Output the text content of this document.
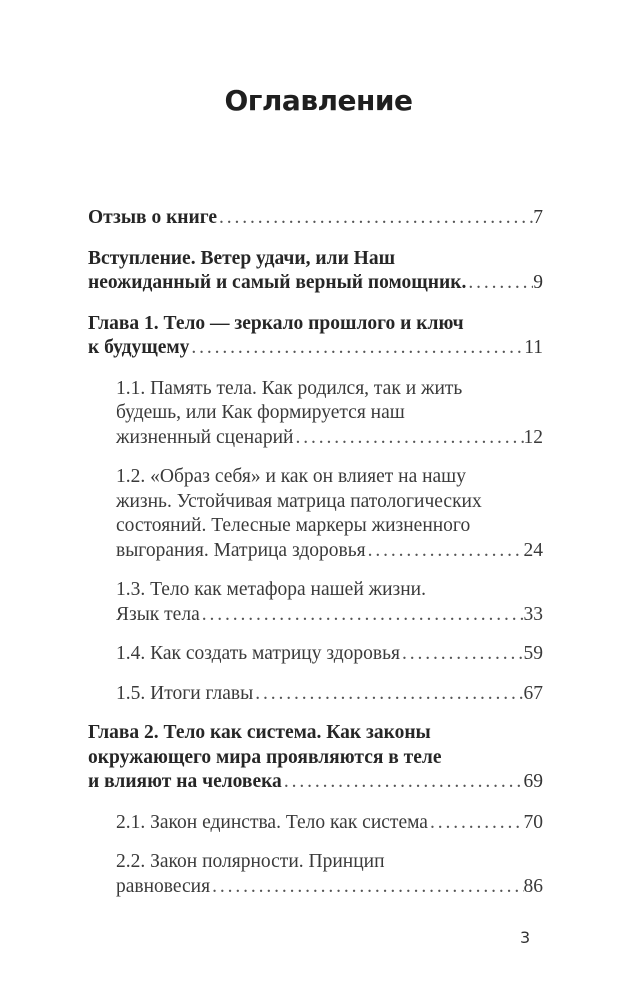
Оглавление
Отзыв о книге . . .	7
Вступление. Ветер удачи, или Наш
неожиданный и самый верный помощник. . . .	9
Глава 1. Тело — зеркало прошлого и ключ
к будущему . . .	11
1.1. Память тела. Как родился, так и жить
будешь, или Как формируется наш
жизненный сценарий . . .	12
1.2. «Образ себя» и как он влияет на нашу
жизнь. Устойчивая матрица патологических
состояний. Телесные маркеры жизненного
выгорания. Матрица здоровья . . .	24
1.3. Тело как метафора нашей жизни.
Язык тела . . .	33
1.4. Как создать матрицу здоровья . . .	59
1.5. Итоги главы . . .	67
Глава 2. Тело как система. Как законы
окружающего мира проявляются в теле
и влияют на человека . . .	69
2.1. Закон единства. Тело как система . . .	70
2.2. Закон полярности. Принцип
равновесия . . .	86
3
